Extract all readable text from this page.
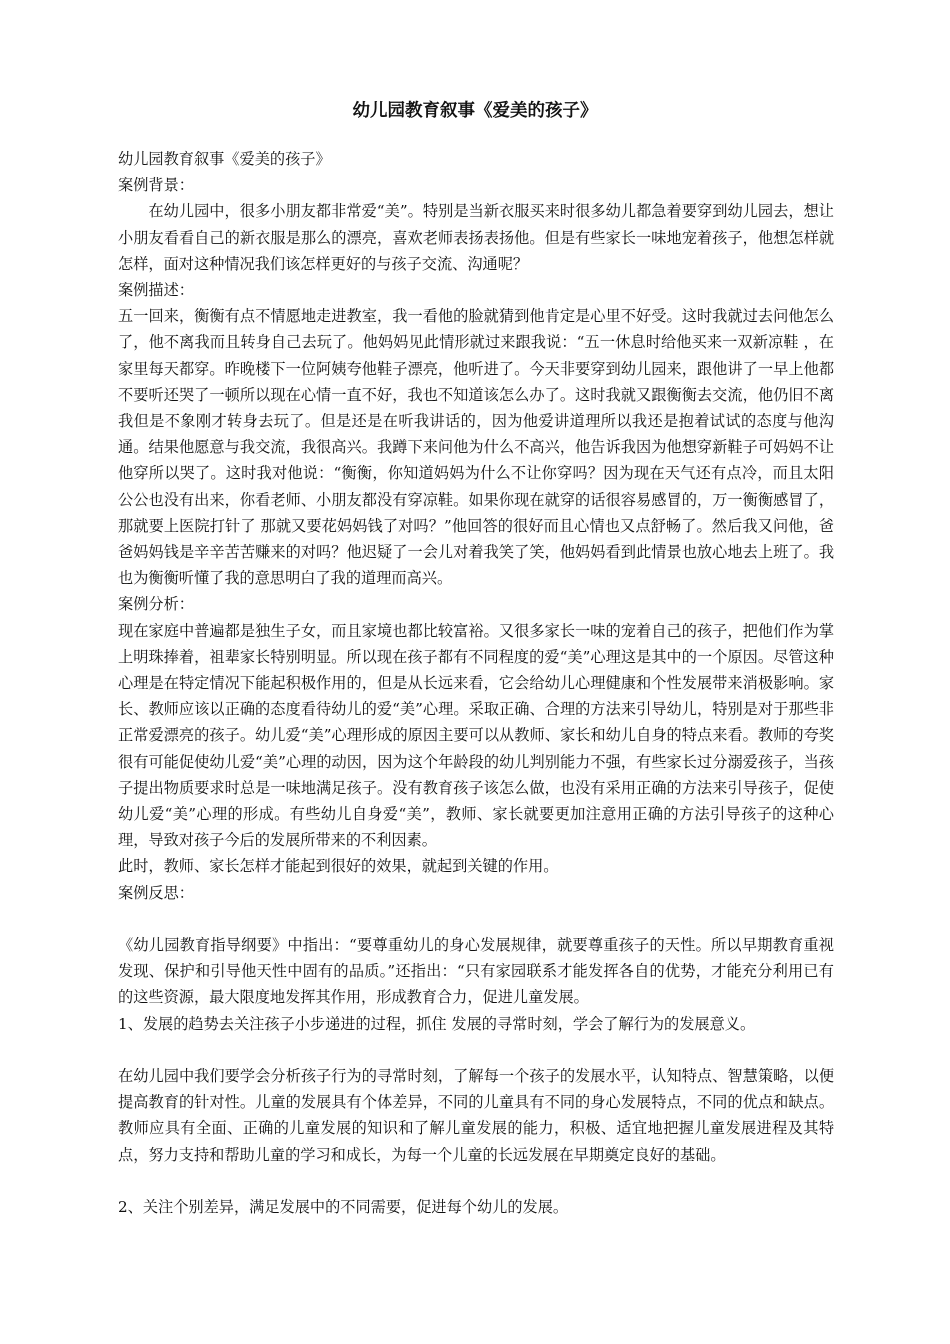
幼儿园教育叙事《爱美的孩子》

幼儿园教育叙事《爱美的孩子》

案例背景：

在幼儿园中，很多小朋友都非常爱“美”。特别是当新衣服买来时很多幼儿都急着要穿到幼儿园去，想让小朋友看看自己的新衣服是那么的漂亮，喜欢老师表扬表扬他。但是有些家长一味地宠着孩子，他想怎样就怎样，面对这种情况我们该怎样更好的与孩子交流、沟通呢？

案例描述：

五一回来，衡衡有点不情愿地走进教室，我一看他的脸就猜到他肯定是心里不好受。这时我就过去问他怎么了，他不离我而且转身自己去玩了。他妈妈见此情形就过来跟我说：“五一休息时给他买来一双新凉鞋 ，在家里每天都穿。昨晚楼下一位阿姨夸他鞋子漂亮，他听进了。今天非要穿到幼儿园来，跟他讲了一早上他都不要听还哭了一顿所以现在心情一直不好，我也不知道该怎么办了。这时我就又跟衡衡去交流，他仍旧不离我但是不象刚才转身去玩了。但是还是在听我讲话的，因为他爱讲道理所以我还是抱着试试的态度与他沟通。结果他愿意与我交流，我很高兴。我蹲下来问他为什么不高兴，他告诉我因为他想穿新鞋子可妈妈不让他穿所以哭了。这时我对他说：“衡衡，你知道妈妈为什么不让你穿吗？因为现在天气还有点冷，而且太阳公公也没有出来，你看老师、小朋友都没有穿凉鞋。如果你现在就穿的话很容易感冒的，万一衡衡感冒了，那就要上医院打针了 那就又要花妈妈钱了对吗？”他回答的很好而且心情也又点舒畅了。然后我又问他，爸爸妈妈钱是辛辛苦苦赚来的对吗？他迟疑了一会儿对着我笑了笑，他妈妈看到此情景也放心地去上班了。我也为衡衡听懂了我的意思明白了我的道理而高兴。

案例分析：

现在家庭中普遍都是独生子女，而且家境也都比较富裕。又很多家长一味的宠着自己的孩子，把他们作为掌上明珠捧着，祖辈家长特别明显。所以现在孩子都有不同程度的爱“美”心理这是其中的一个原因。尽管这种心理是在特定情况下能起积极作用的，但是从长远来看，它会给幼儿心理健康和个性发展带来消极影响。家长、教师应该以正确的态度看待幼儿的爱“美”心理。采取正确、合理的方法来引导幼儿，特别是对于那些非正常爱漂亮的孩子。幼儿爱“美”心理形成的原因主要可以从教师、家长和幼儿自身的特点来看。教师的夸奖很有可能促使幼儿爱“美”心理的动因，因为这个年龄段的幼儿判别能力不强，有些家长过分溺爱孩子，当孩子提出物质要求时总是一味地满足孩子。没有教育孩子该怎么做，也没有采用正确的方法来引导孩子，促使幼儿爱“美”心理的形成。有些幼儿自身爱“美”，教师、家长就要更加注意用正确的方法引导孩子的这种心理，导致对孩子今后的发展所带来的不利因素。

此时，教师、家长怎样才能起到很好的效果，就起到关键的作用。

案例反思：

《幼儿园教育指导纲要》中指出：“要尊重幼儿的身心发展规律，就要尊重孩子的天性。所以早期教育重视发现、保护和引导他天性中固有的品质。”还指出：“只有家园联系才能发挥各自的优势，才能充分利用已有的这些资源，最大限度地发挥其作用，形成教育合力，促进儿童发展。

1、发展的趋势去关注孩子小步递进的过程，抓住 发展的寻常时刻，学会了解行为的发展意义。

在幼儿园中我们要学会分析孩子行为的寻常时刻，了解每一个孩子的发展水平，认知特点、智慧策略，以便提高教育的针对性。儿童的发展具有个体差异，不同的儿童具有不同的身心发展特点，不同的优点和缺点。教师应具有全面、正确的儿童发展的知识和了解儿童发展的能力，积极、适宜地把握儿童发展进程及其特点，努力支持和帮助儿童的学习和成长，为每一个儿童的长远发展在早期奠定良好的基础。

2、关注个别差异，满足发展中的不同需要，促进每个幼儿的发展。
